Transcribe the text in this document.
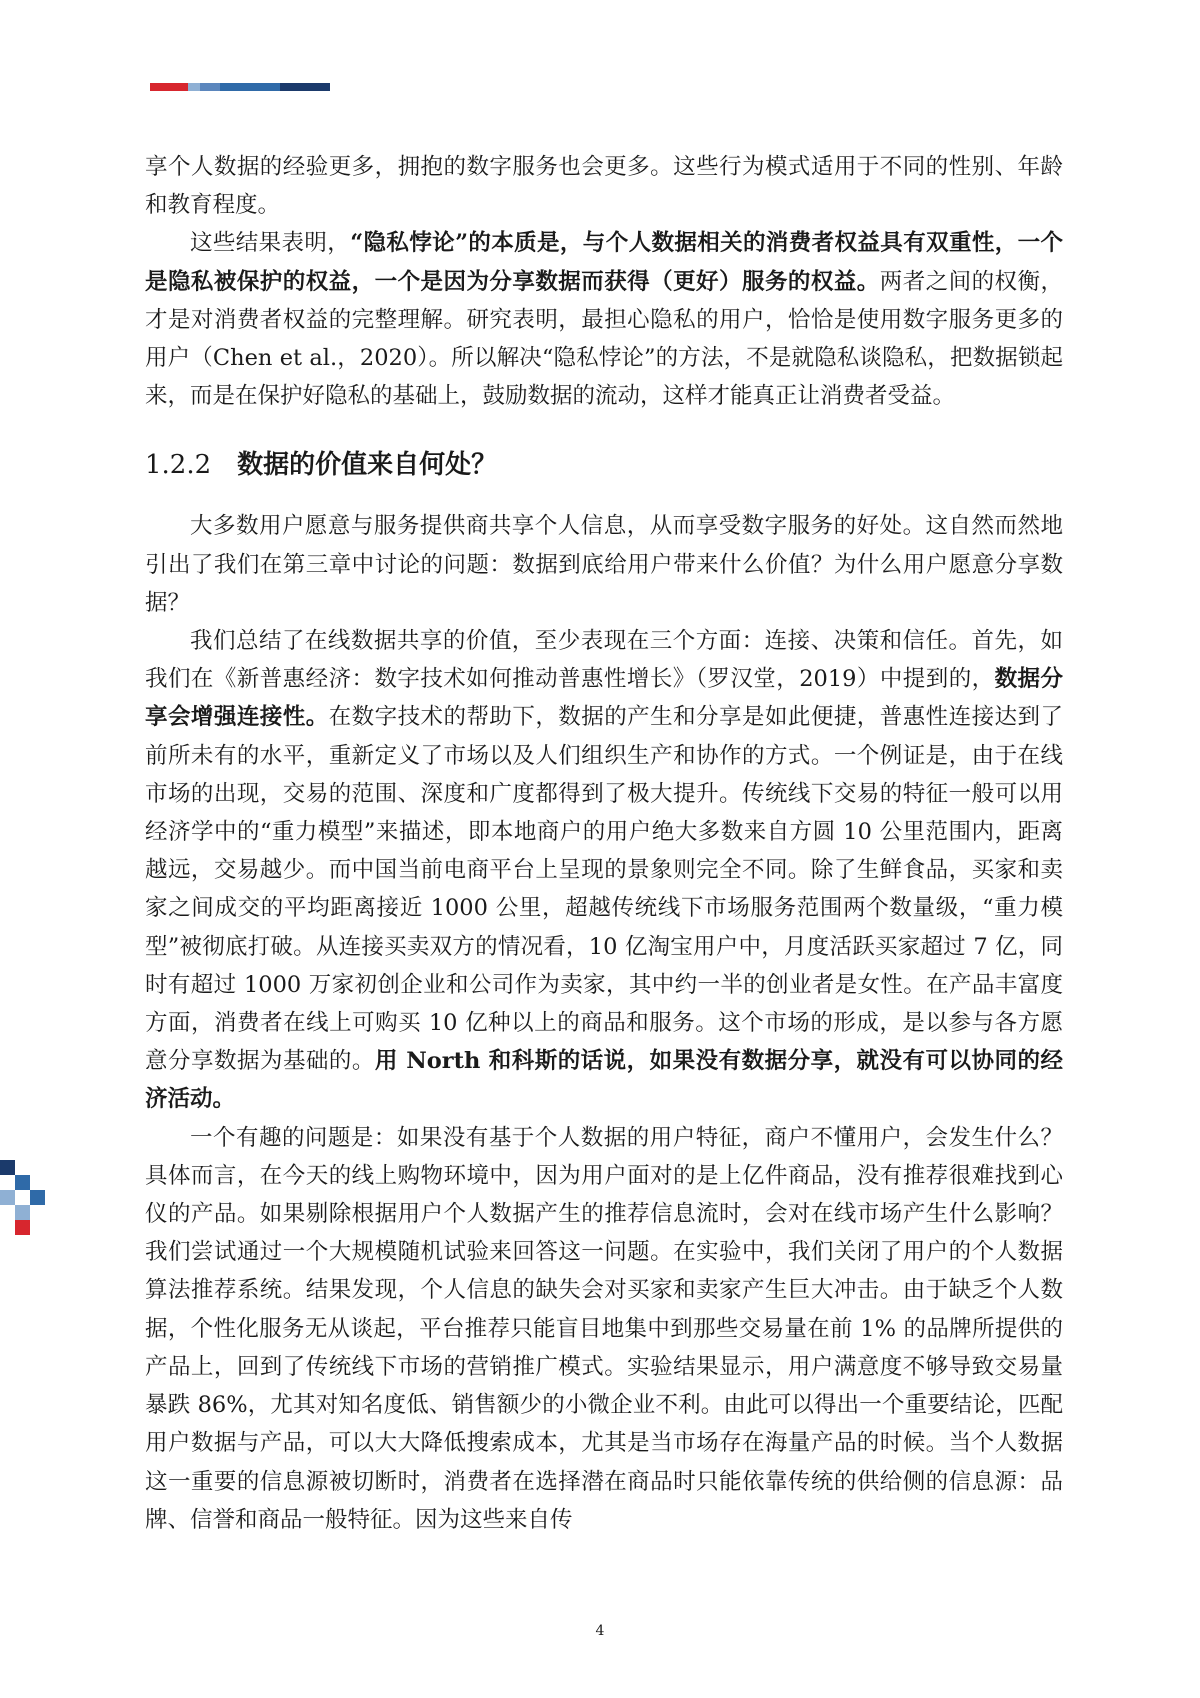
享个人数据的经验更多，拥抱的数字服务也会更多。这些行为模式适用于不同的性别、年龄和教育程度。

这些结果表明，“隐私悖论”的本质是，与个人数据相关的消费者权益具有双重性，一个是隐私被保护的权益，一个是因为分享数据而获得（更好）服务的权益。两者之间的权衡，才是对消费者权益的完整理解。研究表明，最担心隐私的用户，恰恰是使用数字服务更多的用户（Chen et al.，2020）。所以解决“隐私悖论”的方法，不是就隐私谈隐私，把数据锁起来，而是在保护好隐私的基础上，鼓励数据的流动，这样才能真正让消费者受益。

1.2.2 数据的价值来自何处？

大多数用户愿意与服务提供商共享个人信息，从而享受数字服务的好处。这自然而然地引出了我们在第三章中讨论的问题：数据到底给用户带来什么价值？为什么用户愿意分享数据？

我们总结了在线数据共享的价值，至少表现在三个方面：连接、决策和信任。首先，如我们在《新普惠经济：数字技术如何推动普惠性增长》（罗汉堂，2019）中提到的，数据分享会增强连接性。在数字技术的帮助下，数据的产生和分享是如此便捷，普惠性连接达到了前所未有的水平，重新定义了市场以及人们组织生产和协作的方式。一个例证是，由于在线市场的出现，交易的范围、深度和广度都得到了极大提升。传统线下交易的特征一般可以用经济学中的“重力模型”来描述，即本地商户的用户绝大多数来自方圆 10 公里范围内，距离越远，交易越少。而中国当前电商平台上呈现的景象则完全不同。除了生鲜食品，买家和卖家之间成交的平均距离接近 1000 公里，超越传统线下市场服务范围两个数量级，“重力模型”被彻底打破。从连接买卖双方的情况看，10 亿淘宝用户中，月度活跃买家超过 7 亿，同时有超过 1000 万家初创企业和公司作为卖家，其中约一半的创业者是女性。在产品丰富度方面，消费者在线上可购买 10 亿种以上的商品和服务。这个市场的形成，是以参与各方愿意分享数据为基础的。用 North 和科斯的话说，如果没有数据分享，就没有可以协同的经济活动。

一个有趣的问题是：如果没有基于个人数据的用户特征，商户不懂用户，会发生什么？具体而言，在今天的线上购物环境中，因为用户面对的是上亿件商品，没有推荐很难找到心仪的产品。如果剔除根据用户个人数据产生的推荐信息流时，会对在线市场产生什么影响？我们尝试通过一个大规模随机试验来回答这一问题。在实验中，我们关闭了用户的个人数据算法推荐系统。结果发现，个人信息的缺失会对买家和卖家产生巨大冲击。由于缺乏个人数据，个性化服务无从谈起，平台推荐只能盲目地集中到那些交易量在前 1% 的品牌所提供的产品上，回到了传统线下市场的营销推广模式。实验结果显示，用户满意度不够导致交易量暴跌 86%，尤其对知名度低、销售额少的小微企业不利。由此可以得出一个重要结论，匹配用户数据与产品，可以大大降低搜索成本，尤其是当市场存在海量产品的时候。当个人数据这一重要的信息源被切断时，消费者在选择潜在商品时只能依靠传统的供给侧的信息源：品牌、信誉和商品一般特征。因为这些来自传

4
